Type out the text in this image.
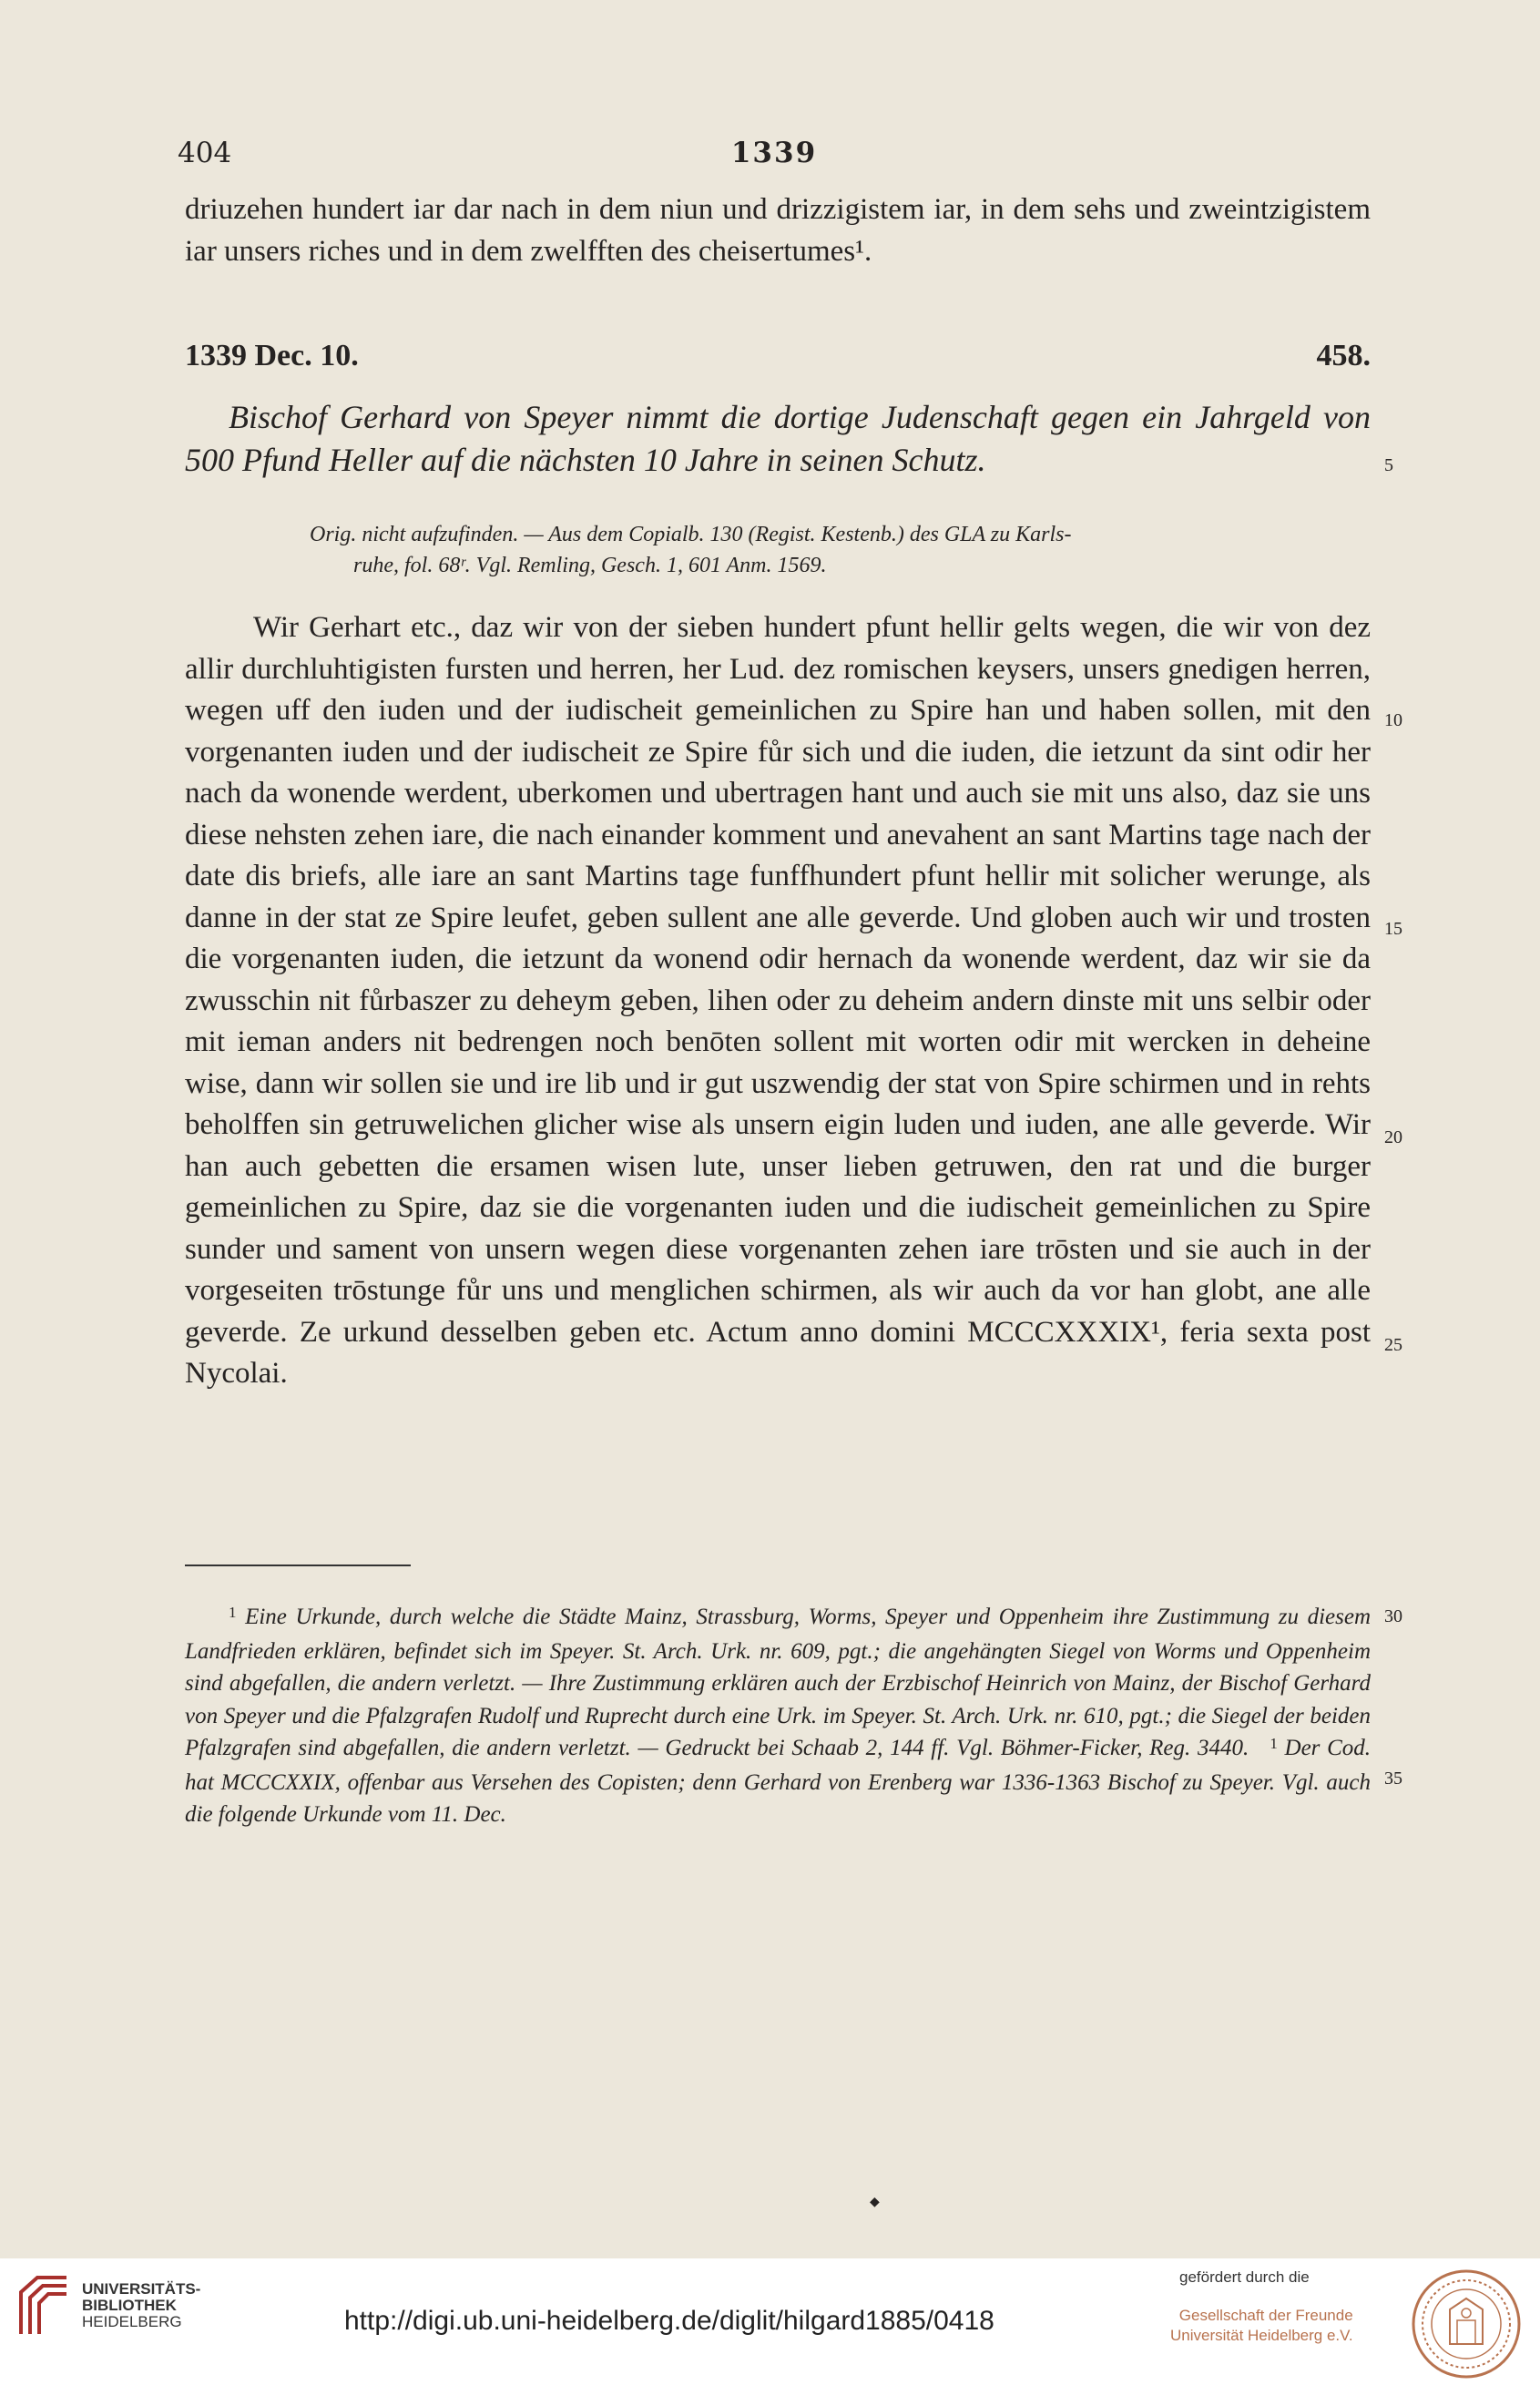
404	1339
driuzehen hundert iar dar nach in dem niun und drizzigistem iar, in dem sehs und zweintzigistem iar unsers riches und in dem zwelfften des cheisertumes¹.
1339 Dec. 10.	458.
Bischof Gerhard von Speyer nimmt die dortige Judenschaft gegen ein Jahrgeld von 500 Pfund Heller auf die nächsten 10 Jahre in seinen Schutz.
Orig. nicht aufzufinden. — Aus dem Copialb. 130 (Regist. Kestenb.) des GLA zu Karls-
ruhe, fol. 68ʳ. Vgl. Remling, Gesch. 1, 601 Anm. 1569.

Wir Gerhart etc., daz wir von der sieben hundert pfunt hellir gelts wegen, die wir von dez allir durchluhtigisten fursten und herren, her Lud. dez romischen keysers, unsers gnedigen herren, wegen uff den iuden und der iudischeit gemeinlichen zu Spire han und haben sollen, mit den vorgenanten iuden und der iudischeit ze Spire fůr sich und die iuden, die ietzunt da sint odir her nach da wonende werdent, uberkomen und ubertragen hant und auch sie mit uns also, daz sie uns diese nehsten zehen iare, die nach einander komment und anevahent an sant Martins tage nach der date dis briefs, alle iare an sant Martins tage funffhundert pfunt hellir mit solicher werunge, als danne in der stat ze Spire leufet, geben sullent ane alle geverde. Und globen auch wir und trosten die vorgenanten iuden, die ietzunt da wonend odir hernach da wonende werdent, daz wir sie da zwusschin nit fůrbaszer zu deheym geben, lihen oder zu deheim andern dinste mit uns selbir oder mit ieman anders nit bedrengen noch benōten sollent mit worten odir mit wercken in deheine wise, dann wir sollen sie und ire lib und ir gut uszwendig der stat von Spire schirmen und in rehts beholffen sin getruwelichen glicher wise als unsern eigin luden und iuden, ane alle geverde. Wir han auch gebetten die ersamen wisen lute, unser lieben getruwen, den rat und die burger gemeinlichen zu Spire, daz sie die vorgenanten iuden und die iudischeit gemeinlichen zu Spire sunder und sament von unsern wegen diese vorgenanten zehen iare trōsten und sie auch in der vorgeseiten trōstunge fůr uns und menglichen schirmen, als wir auch da vor han globt, ane alle geverde. Ze urkund desselben geben etc. Actum anno domini MCCCXXXIX¹, feria sexta post Nycolai.

5
10
15
20
25
30
35

$^1$ Eine Urkunde, durch welche die Städte Mainz, Strassburg, Worms, Speyer und Oppenheim ihre Zustimmung zu diesem Landfrieden erklären, befindet sich im Speyer. St. Arch. Urk. nr. 609, pgt.; die angehängten Siegel von Worms und Oppenheim sind abgefallen, die andern verletzt. — Ihre Zustimmung erklären auch der Erzbischof Heinrich von Mainz, der Bischof Gerhard von Speyer und die Pfalzgrafen Rudolf und Ruprecht durch eine Urk. im Speyer. St. Arch. Urk. nr. 610, pgt.; die Siegel der beiden Pfalzgrafen sind abgefallen, die andern verletzt. — Gedruckt bei Schaab 2, 144 ff. Vgl. Böhmer-Ficker, Reg. 3440. $^1$ Der Cod. hat MCCCXXIX, offenbar aus Versehen des Copisten; denn Gerhard von Erenberg war 1336-1363 Bischof zu Speyer. Vgl. auch die folgende Urkunde vom 11. Dec.

◆
UNIVERSITÄTS-
BIBLIOTHEK
HEIDELBERG	http://digi.ub.uni-heidelberg.de/diglit/hilgard1885/0418
gefördert durch die
Gesellschaft der Freunde
Universität Heidelberg e.V.
